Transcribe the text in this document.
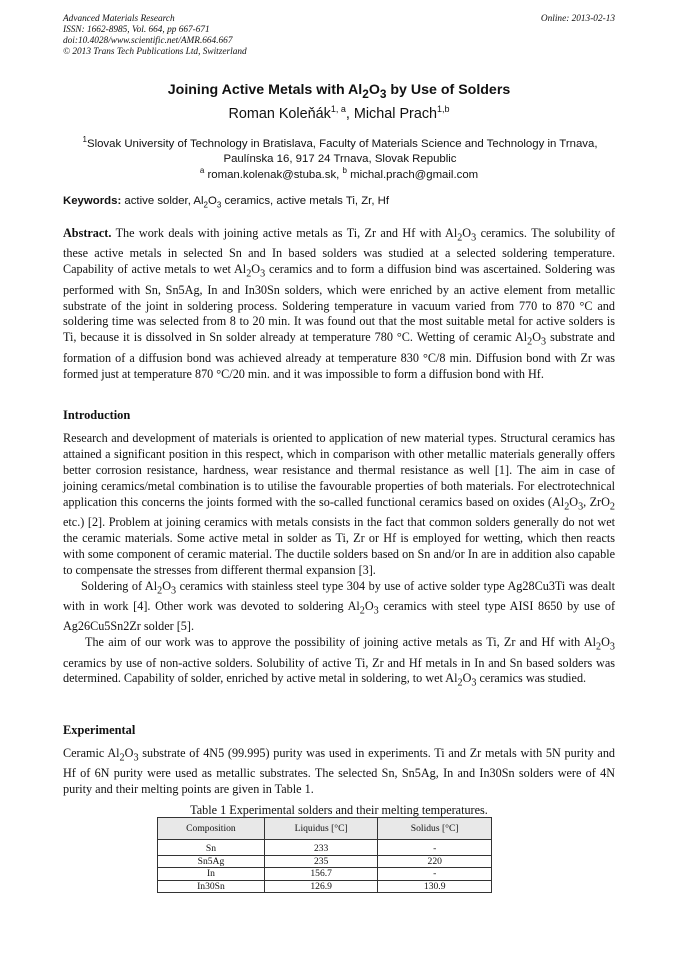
Advanced Materials Research
ISSN: 1662-8985, Vol. 664, pp 667-671
doi:10.4028/www.scientific.net/AMR.664.667
© 2013 Trans Tech Publications Ltd, Switzerland
Online: 2013-02-13
Joining Active Metals with $Al_2O_3$ by Use of Solders
Roman Koleňák$^{1, a}$, Michal Prach$^{1,b}$
$^1$Slovak University of Technology in Bratislava, Faculty of Materials Science and Technology in Trnava, Paulínska 16, 917 24 Trnava, Slovak Republic
$^a$ roman.kolenak@stuba.sk, $^b$ michal.prach@gmail.com
Keywords: active solder, $Al_2O_3$ ceramics, active metals Ti, Zr, Hf

Abstract. The work deals with joining active metals as Ti, Zr and Hf with $Al_2O_3$ ceramics. The solubility of these active metals in selected Sn and In based solders was studied at a selected soldering temperature. Capability of active metals to wet $Al_2O_3$ ceramics and to form a diffusion bind was ascertained. Soldering was performed with Sn, Sn5Ag, In and In30Sn solders, which were enriched by an active element from metallic substrate of the joint in soldering process. Soldering temperature in vacuum varied from 770 to 870 °C and soldering time was selected from 8 to 20 min. It was found out that the most suitable metal for active solders is Ti, because it is dissolved in Sn solder already at temperature 780 °C. Wetting of ceramic $Al_2O_3$ substrate and formation of a diffusion bond was achieved already at temperature 830 °C/8 min. Diffusion bond with Zr was formed just at temperature 870 °C/20 min. and it was impossible to form a diffusion bond with Hf.

Introduction

Research and development of materials is oriented to application of new material types. Structural ceramics has attained a significant position in this respect, which in comparison with other metallic materials generally offers better corrosion resistance, hardness, wear resistance and thermal resistance as well [1]. The aim in case of joining ceramics/metal combination is to utilise the favourable properties of both materials. For electrotechnical application this concerns the joints formed with the so-called functional ceramics based on oxides ($Al_2O_3$, ZrO$_2$ etc.) [2]. Problem at joining ceramics with metals consists in the fact that common solders generally do not wet the ceramic materials. Some active metal in solder as Ti, Zr or Hf is employed for wetting, which then reacts with some component of ceramic material. The ductile solders based on Sn and/or In are in addition also capable to compensate the stresses from different thermal expansion [3].

Soldering of $Al_2O_3$ ceramics with stainless steel type 304 by use of active solder type Ag28Cu3Ti was dealt with in work [4]. Other work was devoted to soldering $Al_2O_3$ ceramics with steel type AISI 8650 by use of Ag26Cu5Sn2Zr solder [5].

The aim of our work was to approve the possibility of joining active metals as Ti, Zr and Hf with $Al_2O_3$ ceramics by use of non-active solders. Solubility of active Ti, Zr and Hf metals in In and Sn based solders was determined. Capability of solder, enriched by active metal in soldering, to wet $Al_2O_3$ ceramics was studied.

Experimental

Ceramic $Al_2O_3$ substrate of 4N5 (99.995) purity was used in experiments. Ti and Zr metals with 5N purity and Hf of 6N purity were used as metallic substrates. The selected Sn, Sn5Ag, In and In30Sn solders were of 4N purity and their melting points are given in Table 1.

Table 1 Experimental solders and their melting temperatures.
Composition	Liquidus [°C]	Solidus [°C]
Sn	233	-
Sn5Ag	235	220
In	156.7	-
In30Sn	126.9	130.9
